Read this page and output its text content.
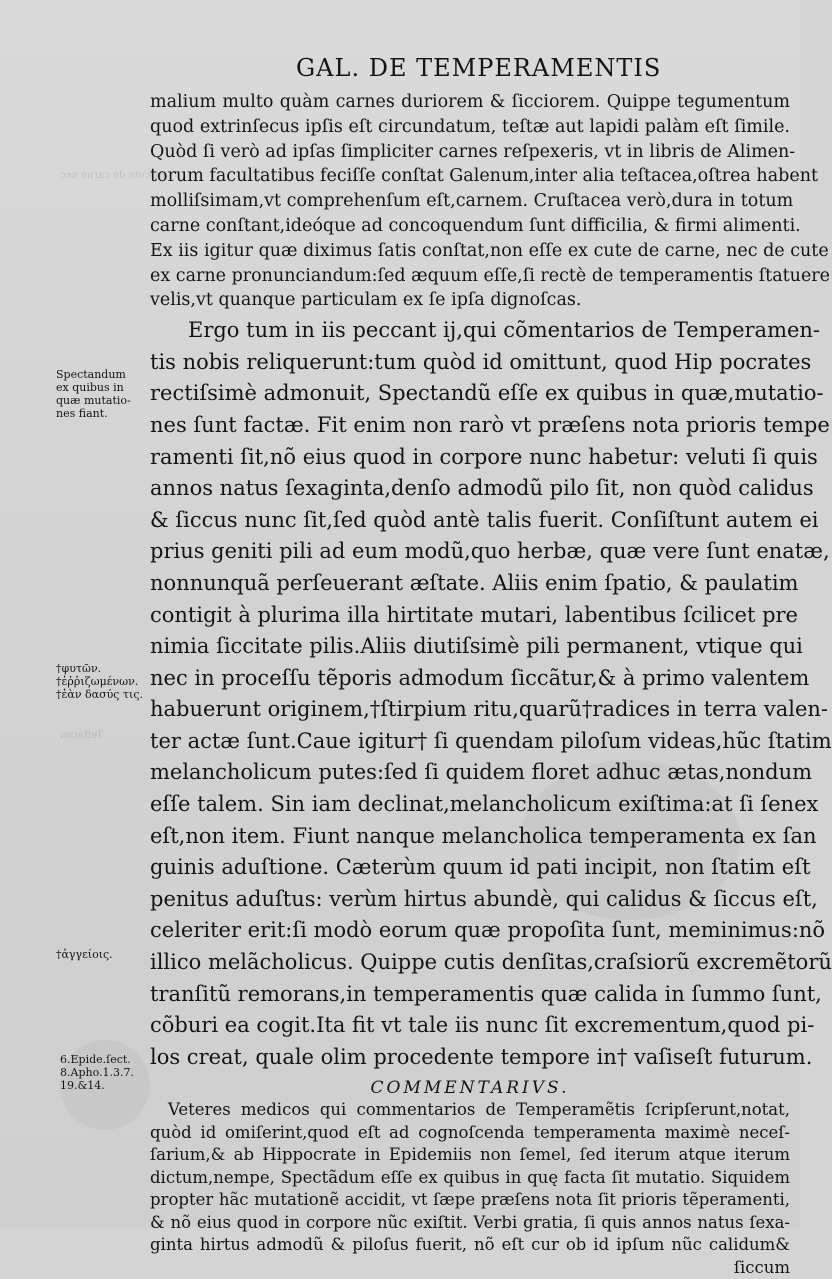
ex cute de carne nec
Teſtacea
GAL. DE TEMPERAMENTIS
malium multo quàm carnes duriorem & ſicciorem. Quippe tegumentum
quod extrinſecus ipſis eſt circundatum, teſtæ aut lapidi palàm eſt ſimile.
Quòd ſi verò ad ipſas ſimpliciter carnes reſpexeris, vt in libris de Alimen-
torum facultatibus feciſſe conſtat Galenum,inter alia teſtacea,oſtrea habent
molliſsimam,vt comprehenſum eſt,carnem. Cruſtacea verò,dura in totum
carne conſtant,ideóque ad concoquendum ſunt difficilia, & firmi alimenti.
Ex iis igitur quæ diximus ſatis conſtat,non eſſe ex cute de carne, nec de cute
ex carne pronunciandum:ſed æquum eſſe,ſi rectè de temperamentis ſtatuere
velis,vt quanque particulam ex ſe ipſa dignoſcas.
Ergo tum in iis peccant ij,qui cõmentarios de Temperamen-
tis nobis reliquerunt:tum quòd id omittunt, quod Hip pocrates
rectiſsimè admonuit, Spectandũ eſſe ex quibus in quæ,mutatio-
nes ſunt factæ. Fit enim non rarò vt præſens nota prioris tempe
ramenti ſit,nõ eius quod in corpore nunc habetur: veluti ſi quis
annos natus ſexaginta,denſo admodũ pilo ſit, non quòd calidus
& ſiccus nunc ſit,ſed quòd antè talis fuerit. Conſiſtunt autem ei
prius geniti pili ad eum modũ,quo herbæ, quæ vere ſunt enatæ,
nonnunquã perſeuerant æſtate. Aliis enim ſpatio, & paulatim
contigit à plurima illa hirtitate mutari, labentibus ſcilicet pre
nimia ſiccitate pilis.Aliis diutiſsimè pili permanent, vtique qui
nec in proceſſu tẽporis admodum ſiccãtur,& à primo valentem
habuerunt originem,†ſtirpium ritu,quarũ†radices in terra valen-
ter actæ ſunt.Caue igitur† ſi quendam piloſum videas,hũc ſtatim
melancholicum putes:ſed ſi quidem floret adhuc ætas,nondum
eſſe talem. Sin iam declinat,melancholicum exiſtima:at ſi ſenex
eſt,non item. Fiunt nanque melancholica temperamenta ex ſan
guinis aduſtione. Cæterùm quum id pati incipit, non ſtatim eſt
penitus aduſtus: verùm hirtus abundè, qui calidus & ſiccus eſt,
celeriter erit:ſi modò eorum quæ propoſita ſunt, meminimus:nõ
illico melãcholicus. Quippe cutis denſitas,craſsiorũ excremẽtorũ
tranſitũ remorans,in temperamentis quæ calida in ſummo ſunt,
cõburi ea cogit.Ita fit vt tale iis nunc ſit excrementum,quod pi-
los creat, quale olim procedente tempore in† vaſiseſt futurum.
COMMENTARIVS.
Veteres medicos qui commentarios de Temperamẽtis ſcripſerunt,notat,
quòd id omiſerint,quod eſt ad cognoſcenda temperamenta maximè neceſ-
ſarium,& ab Hippocrate in Epidemiis non ſemel, ſed iterum atque iterum
dictum,nempe, Spectãdum eſſe ex quibus in quę facta ſit mutatio. Siquidem
propter hãc mutationẽ accidit, vt ſæpe præſens nota ſit prioris tẽperamenti,
& nõ eius quod in corpore nũc exiſtit. Verbi gratia, ſi quis annos natus ſexa-
ginta hirtus admodũ & piloſus fuerit, nõ eſt cur ob id ipſum nũc calidum&
ſiccum
Spectandum
ex quibus in
quæ mutatio-
nes fiant.
†φυτῶν.
†ἐῤῥιζωμένων.
†ἐὰν δασύς τις.
†ἀγγείοις.
6.Epide.ſect.
8.Apho.1.3.7.
19.&14.
